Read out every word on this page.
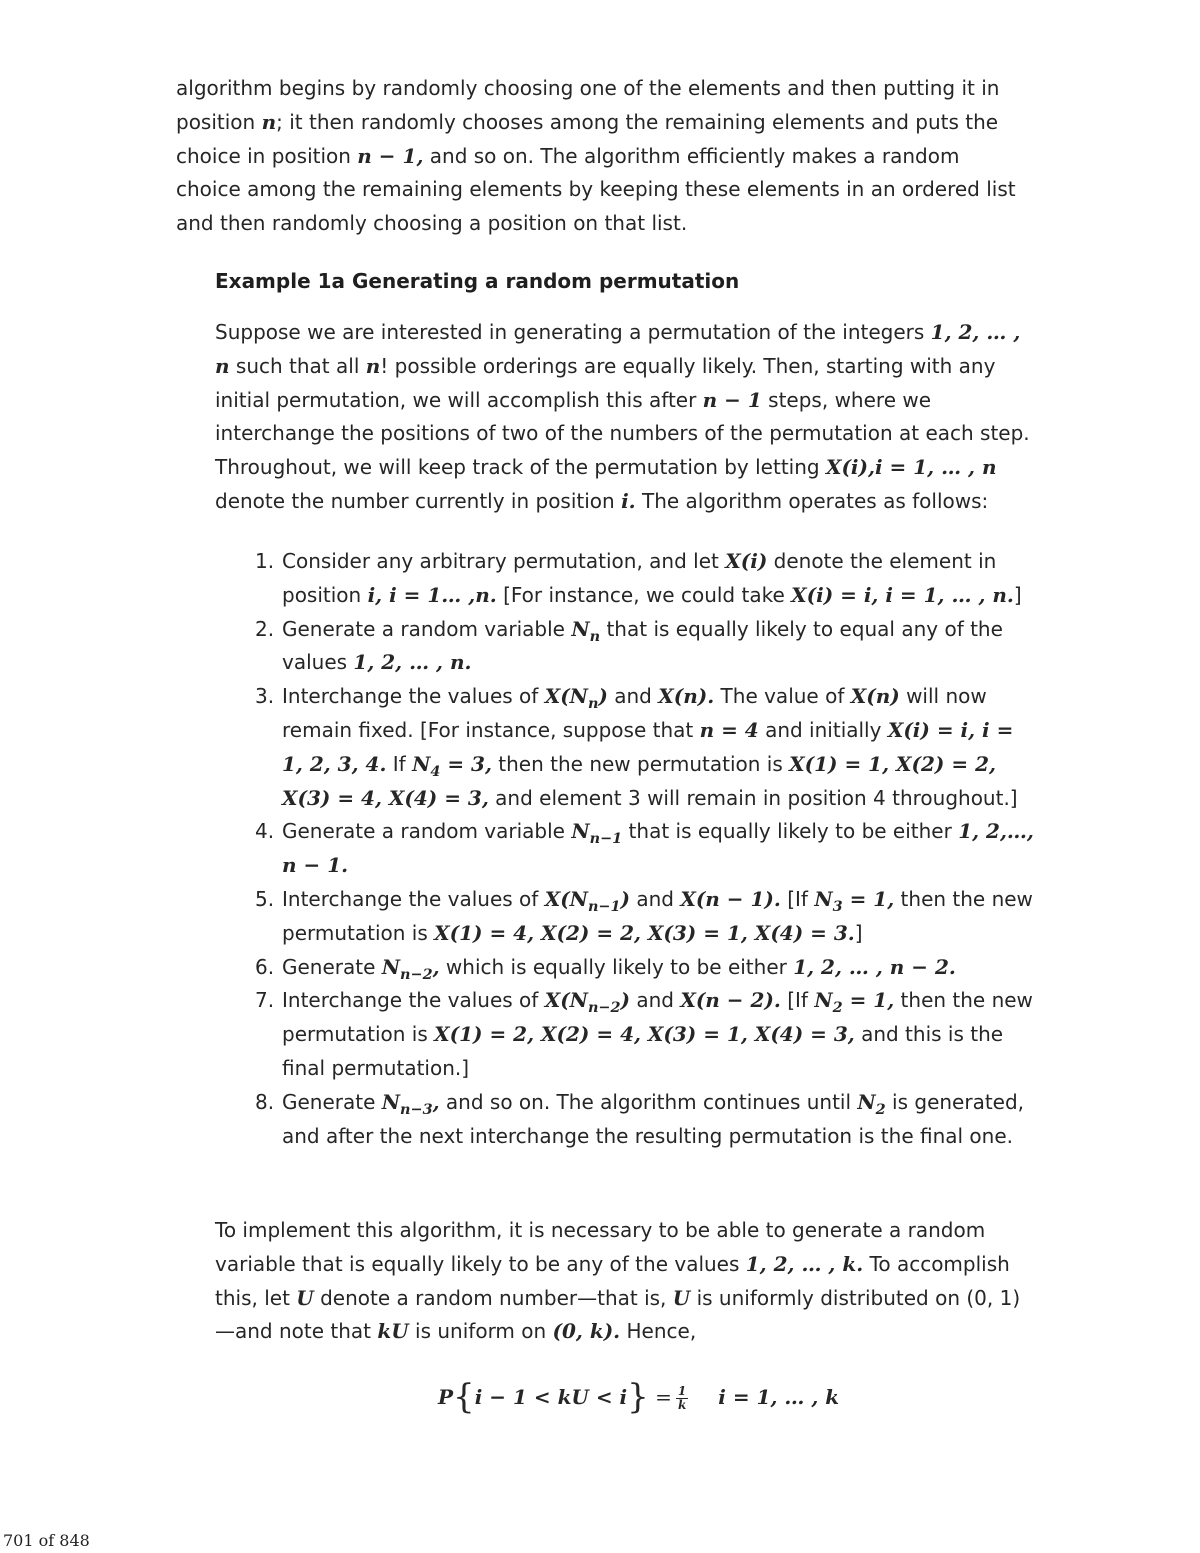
algorithm begins by randomly choosing one of the elements and then putting it in position n; it then randomly chooses among the remaining elements and puts the choice in position n − 1, and so on. The algorithm efficiently makes a random choice among the remaining elements by keeping these elements in an ordered list and then randomly choosing a position on that list.

Example 1a Generating a random permutation

Suppose we are interested in generating a permutation of the integers 1, 2, … , n such that all n! possible orderings are equally likely. Then, starting with any initial permutation, we will accomplish this after n − 1 steps, where we interchange the positions of two of the numbers of the permutation at each step. Throughout, we will keep track of the permutation by letting X(i),i = 1, … , n denote the number currently in position i. The algorithm operates as follows:

1. Consider any arbitrary permutation, and let X(i) denote the element in position i, i = 1… ,n. [For instance, we could take X(i) = i, i = 1, … , n.]
2. Generate a random variable $N_n$ that is equally likely to equal any of the values 1, 2, … , n.
3. Interchange the values of $X(N_n)$ and X(n). The value of X(n) will now remain fixed. [For instance, suppose that n = 4 and initially X(i) = i, i = 1, 2, 3, 4. If $N_4 = 3$, then the new permutation is X(1) = 1, X(2) = 2, X(3) = 4, X(4) = 3, and element 3 will remain in position 4 throughout.]
4. Generate a random variable $N_{n-1}$ that is equally likely to be either 1, 2,…, n − 1.
5. Interchange the values of $X(N_{n-1})$ and X(n − 1). [If $N_3 = 1$, then the new permutation is X(1) = 4, X(2) = 2, X(3) = 1, X(4) = 3.]
6. Generate $N_{n-2}$, which is equally likely to be either 1, 2, … , n − 2.
7. Interchange the values of $X(N_{n-2})$ and X(n − 2). [If $N_2 = 1$, then the new permutation is X(1) = 2, X(2) = 4, X(3) = 1, X(4) = 3, and this is the final permutation.]
8. Generate $N_{n-3}$, and so on. The algorithm continues until $N_2$ is generated, and after the next interchange the resulting permutation is the final one.

To implement this algorithm, it is necessary to be able to generate a random variable that is equally likely to be any of the values 1, 2, … , k. To accomplish this, let U denote a random number—that is, U is uniformly distributed on (0, 1)—and note that kU is uniform on (0, k). Hence,

P{i − 1 < kU < $i\} = \frac{1}{k}$ i = 1, … , k
701 of 848
